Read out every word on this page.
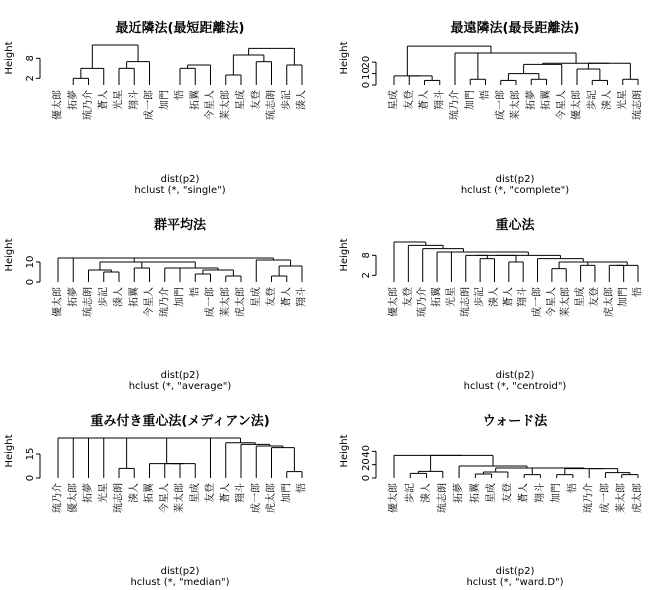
最近隣法(最短距離法)
dist(p2)
hclust (*, "single")
Height
2
8
優太郎 拓夢 琉乃介 蒼人 光星 翔斗 成一郎 加門 悟 拓翼 今星人 莱太郎 星成 友登 琉志朗 歩記 湊人
最遠隣法(最長距離法)
dist(p2)
hclust (*, "complete")
Height
0
10
20
星成 友登 蒼人 翔斗 琉乃介 加門 悟 成一郎 莱太郎 拓夢 拓翼 今星人 優太郎 歩記 湊人 光星 琉志朗
群平均法
dist(p2)
hclust (*, "average")
Height
0
10
優太郎 拓夢 琉志朗 歩記 湊人 拓翼 今星人 琉乃介 加門 悟 成一郎 莱太郎 虎太郎 星成 友登 蒼人 翔斗
重心法
dist(p2)
hclust (*, "centroid")
Height
2
8
優太郎 友登 琉乃介 拓翼 光星 琉志朗 歩記 湊人 蒼人 翔斗 成一郎 今星人 莱太郎 星成 友登 虎太郎 加門 悟
重み付き重心法(メディアン法)
dist(p2)
hclust (*, "median")
Height
0
15
琉乃介 優太郎 拓夢 光星 琉志朗 湊人 拓翼 今星人 莱太郎 星成 友登 蒼人 翔斗 成一郎 虎太郎 加門 悟
ウォード法
dist(p2)
hclust (*, "ward.D")
Height
0
20
40
優太郎 歩記 湊人 琉志朗 拓夢 拓翼 星成 友登 蒼人 翔斗 加門 悟 琉乃介 成一郎 莱太郎 虎太郎
